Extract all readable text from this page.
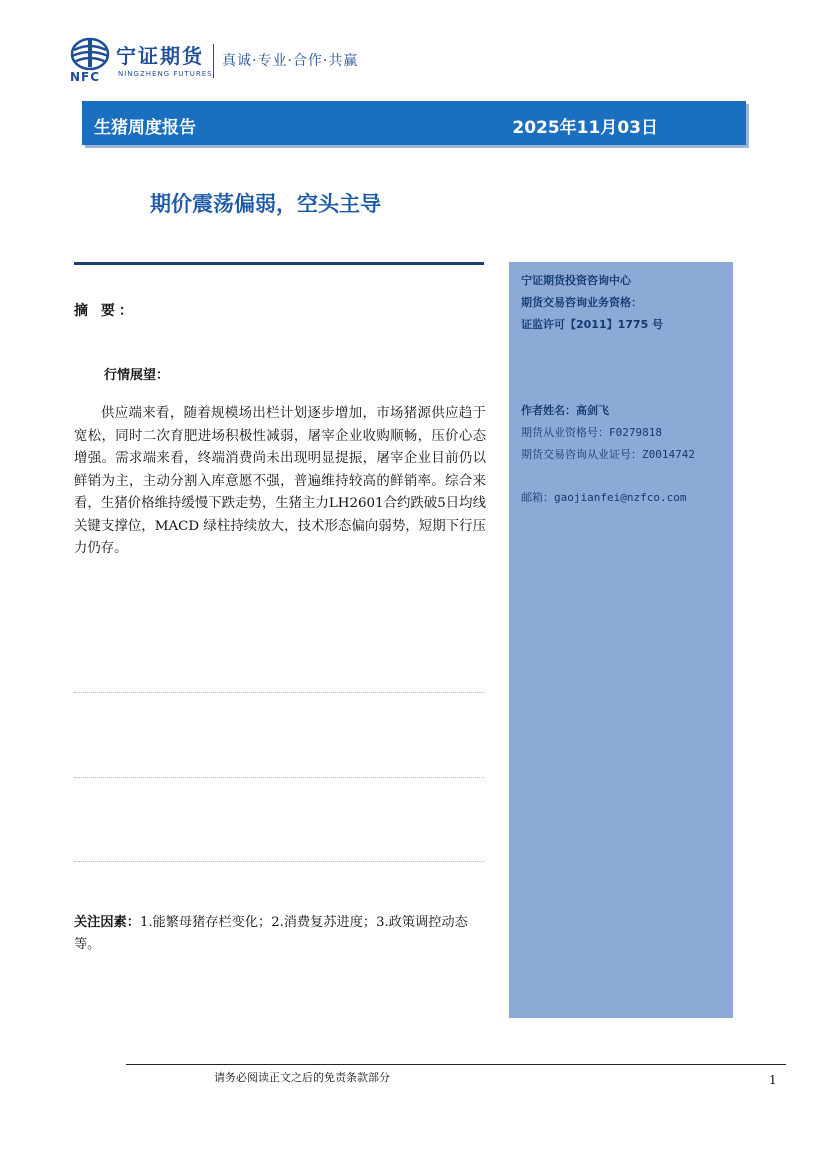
NFC
宁证期货
NINGZHENG FUTURES
真诚·专业·合作·共赢
生猪周度报告	2025年11月03日
期价震荡偏弱，空头主导
宁证期货投资咨询中心
期货交易咨询业务资格：
证监许可【2011】1775 号
作者姓名：高剑飞
期货从业资格号：F0279818
期货交易咨询从业证号：Z0014742
邮箱：gaojianfei@nzfco.com
摘 要：
行情展望：

供应端来看，随着规模场出栏计划逐步增加，市场猪源供应趋于宽松，同时二次育肥进场积极性减弱，屠宰企业收购顺畅，压价心态增强。需求端来看，终端消费尚未出现明显提振，屠宰企业目前仍以鲜销为主，主动分割入库意愿不强，普遍维持较高的鲜销率。综合来看，生猪价格维持缓慢下跌走势，生猪主力LH2601合约跌破5日均线关键支撑位，MACD 绿柱持续放大，技术形态偏向弱势，短期下行压力仍存。

关注因素：1.能繁母猪存栏变化；2.消费复苏进度；3.政策调控动态等。
请务必阅读正文之后的免责条款部分	1
